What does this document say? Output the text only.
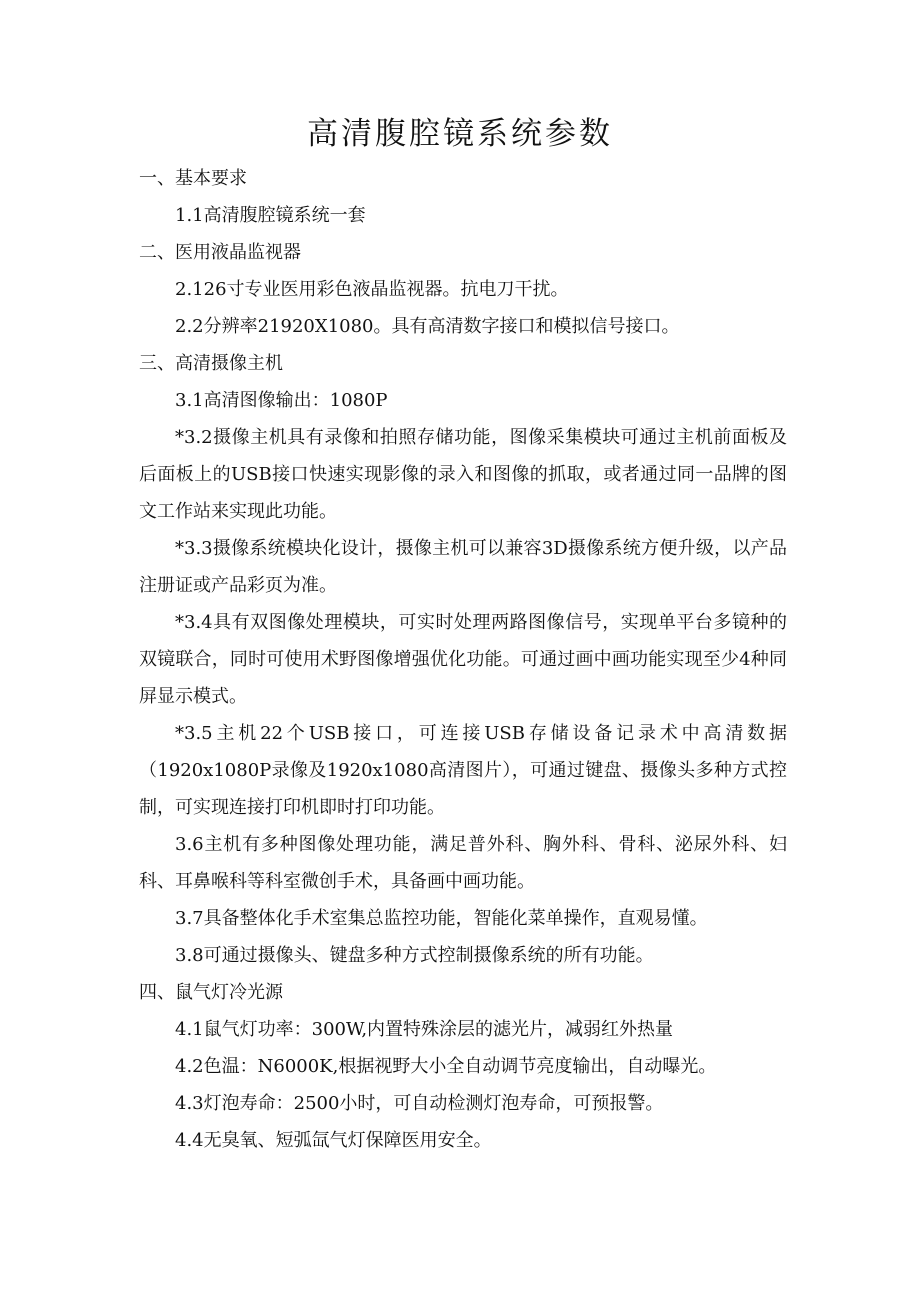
高清腹腔镜系统参数

一、基本要求

1.1高清腹腔镜系统一套

二、医用液晶监视器

2.126寸专业医用彩色液晶监视器。抗电刀干扰。

2.2分辨率21920X1080。具有高清数字接口和模拟信号接口。

三、高清摄像主机

3.1高清图像输出：1080P

*3.2摄像主机具有录像和拍照存储功能，图像采集模块可通过主机前面板及后面板上的USB接口快速实现影像的录入和图像的抓取，或者通过同一品牌的图文工作站来实现此功能。

*3.3摄像系统模块化设计，摄像主机可以兼容3D摄像系统方便升级，以产品注册证或产品彩页为准。

*3.4具有双图像处理模块，可实时处理两路图像信号，实现单平台多镜种的双镜联合，同时可使用术野图像增强优化功能。可通过画中画功能实现至少4种同屏显示模式。

*3.5主机22个USB接口，可连接USB存储设备记录术中高清数据（1920x1080P录像及1920x1080高清图片），可通过键盘、摄像头多种方式控制，可实现连接打印机即时打印功能。

3.6主机有多种图像处理功能，满足普外科、胸外科、骨科、泌尿外科、妇科、耳鼻喉科等科室微创手术，具备画中画功能。

3.7具备整体化手术室集总监控功能，智能化菜单操作，直观易懂。

3.8可通过摄像头、键盘多种方式控制摄像系统的所有功能。

四、鼠气灯冷光源

4.1鼠气灯功率：300W,内置特殊涂层的滤光片，减弱红外热量

4.2色温：N6000K,根据视野大小全自动调节亮度输出，自动曝光。

4.3灯泡寿命：2500小时，可自动检测灯泡寿命，可预报警。

4.4无臭氧、短弧氙气灯保障医用安全。
